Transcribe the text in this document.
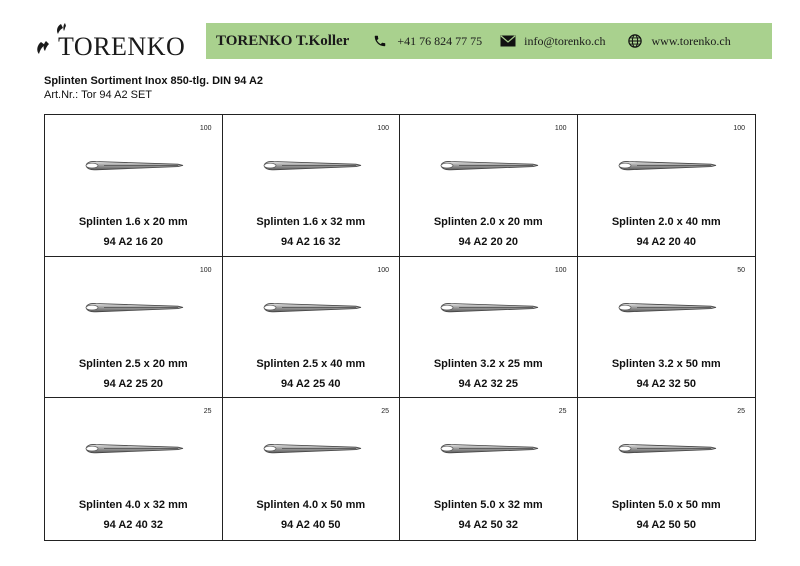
TORENKO TORENKO T.Koller	+41 76 824 77 75	info@torenko.ch	www.torenko.ch
Splinten Sortiment Inox 850-tlg. DIN 94 A2
Art.Nr.: Tor 94 A2 SET
100
Splinten 1.6 x 20 mm
94 A2 16 20
100
Splinten 1.6 x 32 mm
94 A2 16 32
100
Splinten 2.0 x 20 mm
94 A2 20 20
100
Splinten 2.0 x 40 mm
94 A2 20 40
100
Splinten 2.5 x 20 mm
94 A2 25 20
100
Splinten 2.5 x 40 mm
94 A2 25 40
100
Splinten 3.2 x 25 mm
94 A2 32 25
50
Splinten 3.2 x 50 mm
94 A2 32 50
25
Splinten 4.0 x 32 mm
94 A2 40 32
25
Splinten 4.0 x 50 mm
94 A2 40 50
25
Splinten 5.0 x 32 mm
94 A2 50 32
25
Splinten 5.0 x 50 mm
94 A2 50 50
